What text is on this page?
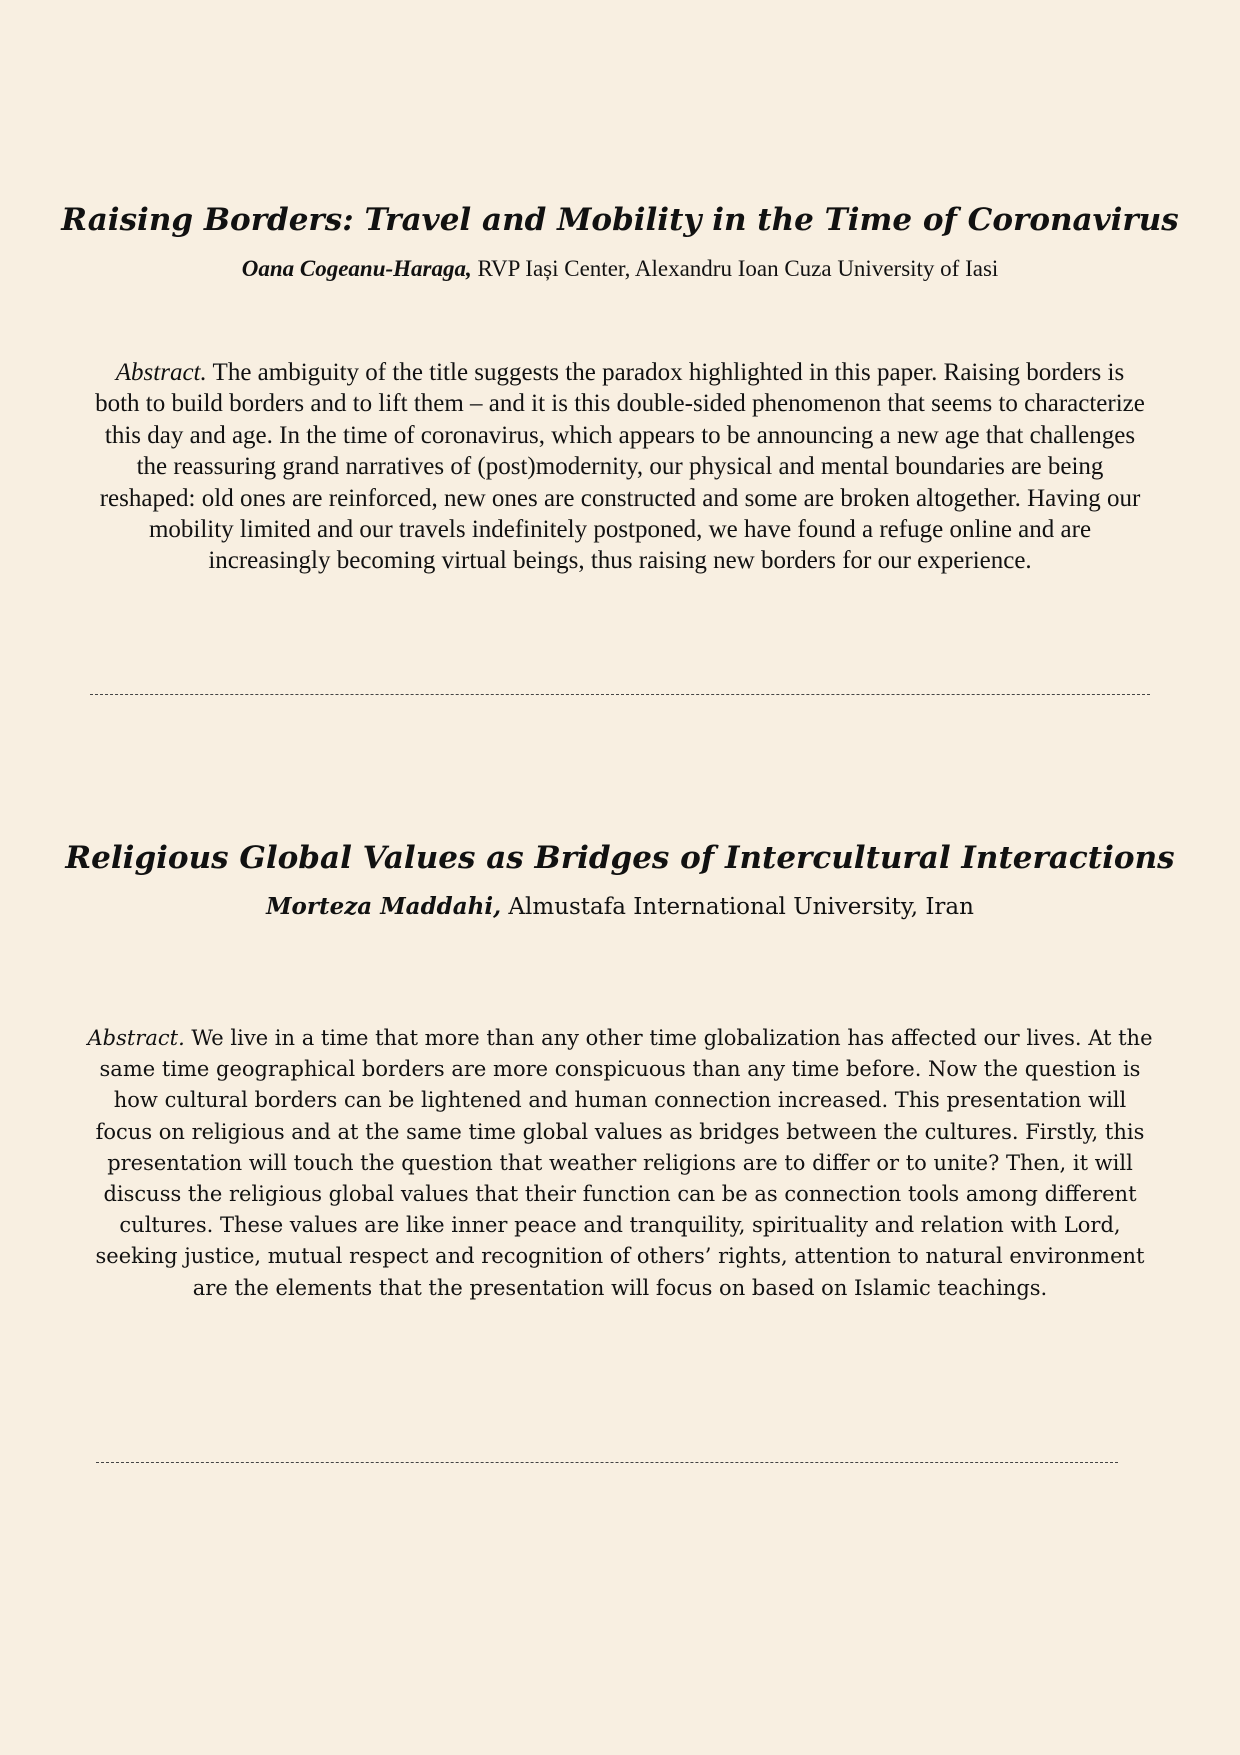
Raising Borders: Travel and Mobility in the Time of Coronavirus
Oana Cogeanu-Haraga, RVP Iași Center, Alexandru Ioan Cuza University of Iasi

Abstract. The ambiguity of the title suggests the paradox highlighted in this paper. Raising borders is both to build borders and to lift them – and it is this double-sided phenomenon that seems to characterize this day and age. In the time of coronavirus, which appears to be announcing a new age that challenges the reassuring grand narratives of (post)modernity, our physical and mental boundaries are being reshaped: old ones are reinforced, new ones are constructed and some are broken altogether. Having our mobility limited and our travels indefinitely postponed, we have found a refuge online and are increasingly becoming virtual beings, thus raising new borders for our experience.

Religious Global Values as Bridges of Intercultural Interactions
Morteza Maddahi, Almustafa International University, Iran

Abstract. We live in a time that more than any other time globalization has affected our lives. At the same time geographical borders are more conspicuous than any time before. Now the question is how cultural borders can be lightened and human connection increased. This presentation will focus on religious and at the same time global values as bridges between the cultures. Firstly, this presentation will touch the question that weather religions are to differ or to unite? Then, it will discuss the religious global values that their function can be as connection tools among different cultures. These values are like inner peace and tranquility, spirituality and relation with Lord, seeking justice, mutual respect and recognition of others’ rights, attention to natural environment are the elements that the presentation will focus on based on Islamic teachings.
